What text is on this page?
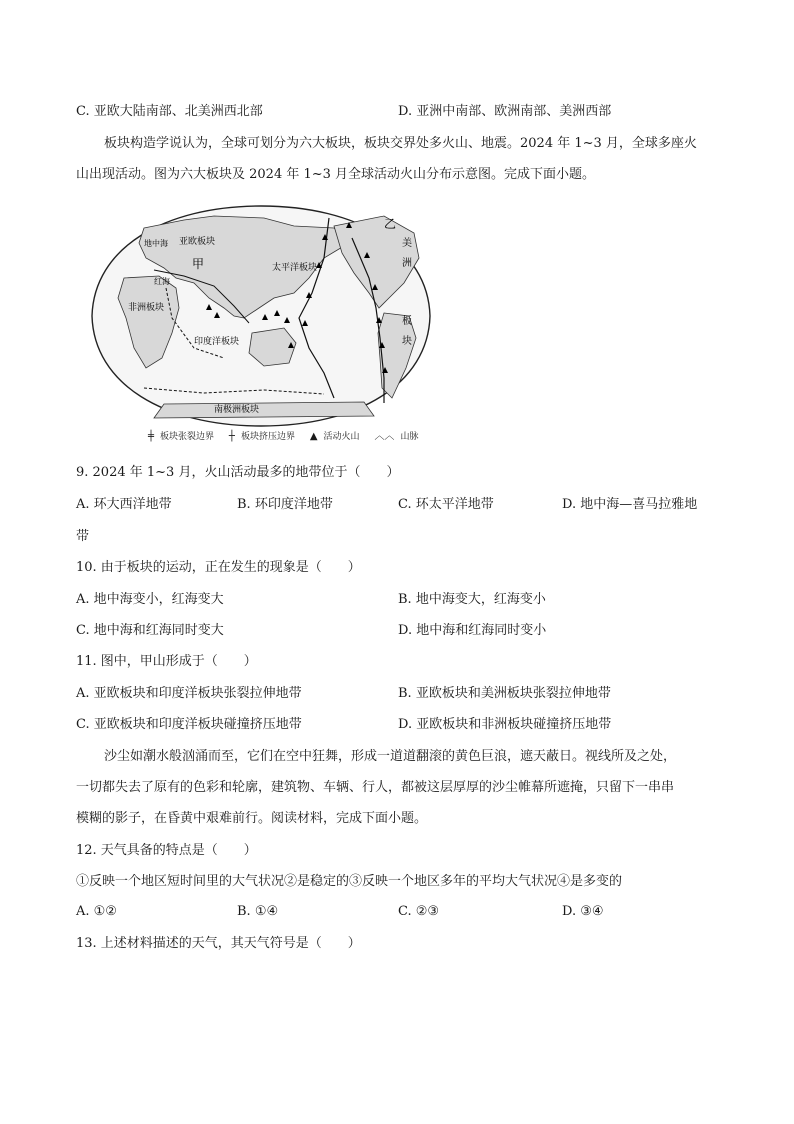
C. 亚欧大陆南部、北美洲西北部	D. 亚洲中南部、欧洲南部、美洲西部
板块构造学说认为，全球可划分为六大板块，板块交界处多火山、地震。2024 年 1~3 月，全球多座火
山出现活动。图为六大板块及 2024 年 1~3 月全球活动火山分布示意图。完成下面小题。
亚欧板块
地中海
甲
红海
非洲板块
太平洋板块
印度洋板块
南极洲板块
乙
美
洲
板
块
╪ 板块张裂边界 ┼ 板块挤压边界 ▲ 活动火山 ︿︿ 山脉
9. 2024 年 1~3 月，火山活动最多的地带位于（　　）
A. 环大西洋地带	B. 环印度洋地带	C. 环太平洋地带	D. 地中海—喜马拉雅地
带
10. 由于板块的运动，正在发生的现象是（　　）
A. 地中海变小，红海变大	B. 地中海变大，红海变小
C. 地中海和红海同时变大	D. 地中海和红海同时变小
11. 图中，甲山形成于（　　）
A. 亚欧板块和印度洋板块张裂拉伸地带	B. 亚欧板块和美洲板块张裂拉伸地带
C. 亚欧板块和印度洋板块碰撞挤压地带	D. 亚欧板块和非洲板块碰撞挤压地带
沙尘如潮水般汹涌而至，它们在空中狂舞，形成一道道翻滚的黄色巨浪，遮天蔽日。视线所及之处，
一切都失去了原有的色彩和轮廓，建筑物、车辆、行人，都被这层厚厚的沙尘帷幕所遮掩，只留下一串串
模糊的影子，在昏黄中艰难前行。阅读材料，完成下面小题。
12. 天气具备的特点是（　　）
①反映一个地区短时间里的大气状况②是稳定的③反映一个地区多年的平均大气状况④是多变的
A. ①②	B. ①④	C. ②③	D. ③④
13. 上述材料描述的天气，其天气符号是（　　）
